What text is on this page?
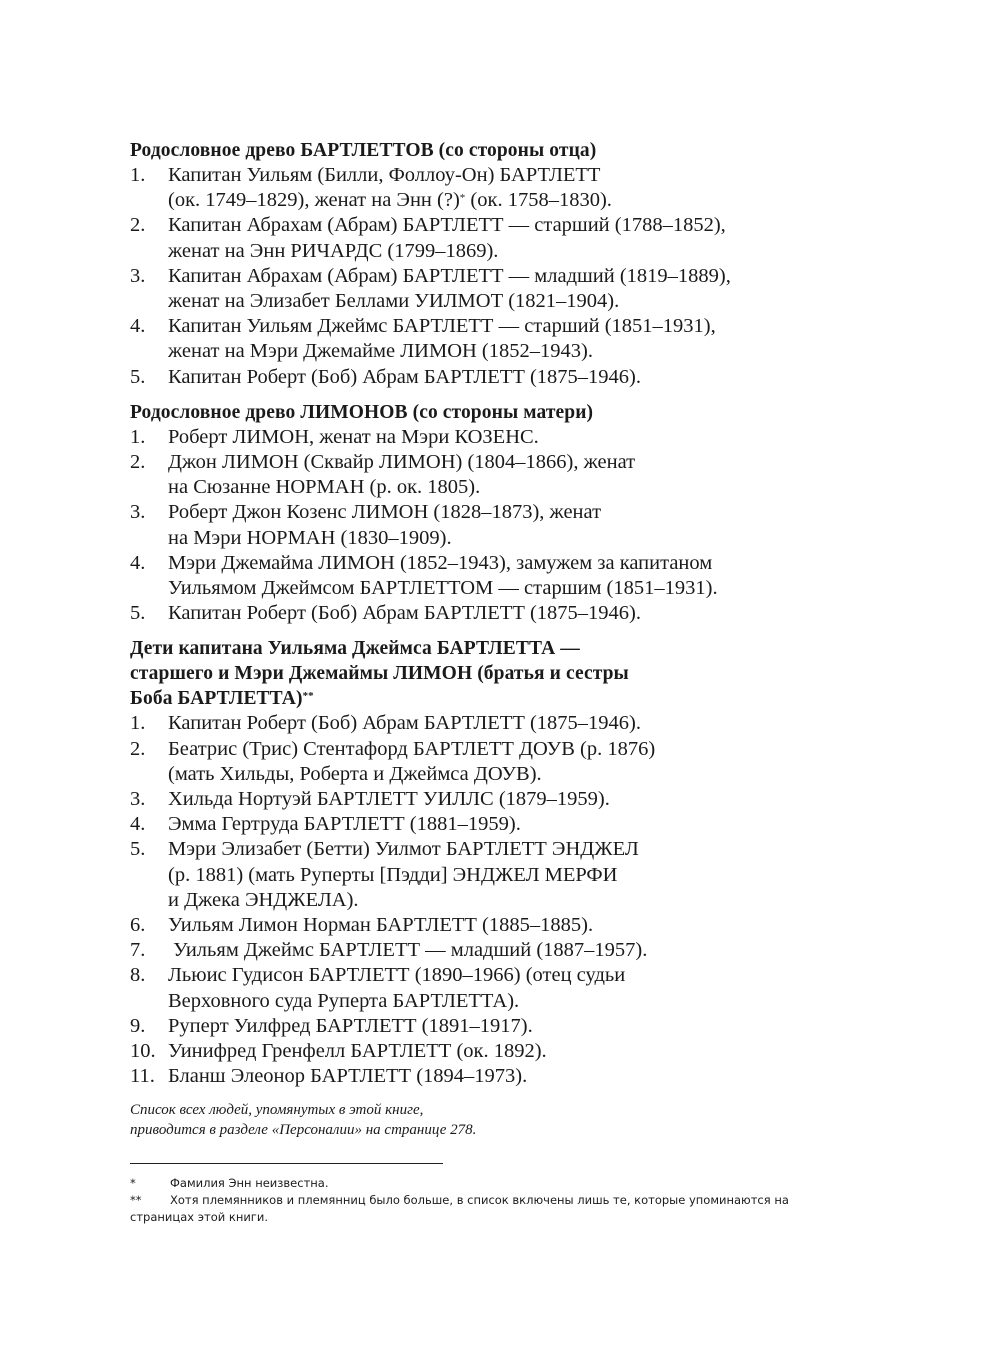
Родословное древо БАРТЛЕТТОВ (со стороны отца)
1.	Капитан Уильям (Билли, Фоллоу-Он) БАРТЛЕТТ
(ок. 1749–1829), женат на Энн (?)* (ок. 1758–1830).
2.	Капитан Абрахам (Абрам) БАРТЛЕТТ — старший (1788–1852),
женат на Энн РИЧАРДС (1799–1869).
3.	Капитан Абрахам (Абрам) БАРТЛЕТТ — младший (1819–1889),
женат на Элизабет Беллами УИЛМОТ (1821–1904).
4.	Капитан Уильям Джеймс БАРТЛЕТТ — старший (1851–1931),
женат на Мэри Джемайме ЛИМОН (1852–1943).
5.	Капитан Роберт (Боб) Абрам БАРТЛЕТТ (1875–1946).
Родословное древо ЛИМОНОВ (со стороны матери)
1.	Роберт ЛИМОН, женат на Мэри КОЗЕНС.
2.	Джон ЛИМОН (Сквайр ЛИМОН) (1804–1866), женат
на Сюзанне НОРМАН (р. ок. 1805).
3.	Роберт Джон Козенс ЛИМОН (1828–1873), женат
на Мэри НОРМАН (1830–1909).
4.	Мэри Джемайма ЛИМОН (1852–1943), замужем за капитаном
Уильямом Джеймсом БАРТЛЕТТОМ — старшим (1851–1931).
5.	Капитан Роберт (Боб) Абрам БАРТЛЕТТ (1875–1946).
Дети капитана Уильяма Джеймса БАРТЛЕТТА —
старшего и Мэри Джемаймы ЛИМОН (братья и сестры
Боба БАРТЛЕТТА)**
1.	Капитан Роберт (Боб) Абрам БАРТЛЕТТ (1875–1946).
2.	Беатрис (Трис) Стентафорд БАРТЛЕТТ ДОУВ (р. 1876)
(мать Хильды, Роберта и Джеймса ДОУВ).
3.	Хильда Нортуэй БАРТЛЕТТ УИЛЛС (1879–1959).
4.	Эмма Гертруда БАРТЛЕТТ (1881–1959).
5.	Мэри Элизабет (Бетти) Уилмот БАРТЛЕТТ ЭНДЖЕЛ
(р. 1881) (мать Руперты [Пэдди] ЭНДЖЕЛ МЕРФИ
и Джека ЭНДЖЕЛА).
6.	Уильям Лимон Норман БАРТЛЕТТ (1885–1885).
7.	Уильям Джеймс БАРТЛЕТТ — младший (1887–1957).
8.	Льюис Гудисон БАРТЛЕТТ (1890–1966) (отец судьи
Верховного суда Руперта БАРТЛЕТТА).
9.	Руперт Уилфред БАРТЛЕТТ (1891–1917).
10. Уинифред Гренфелл БАРТЛЕТТ (ок. 1892).
11. Бланш Элеонор БАРТЛЕТТ (1894–1973).
Список всех людей, упомянутых в этой книге,
приводится в разделе «Персоналии» на странице 278.
*	Фамилия Энн неизвестна.
**	Хотя племянников и племянниц было больше, в список включены лишь те, которые упоминаются на
страницах этой книги.
